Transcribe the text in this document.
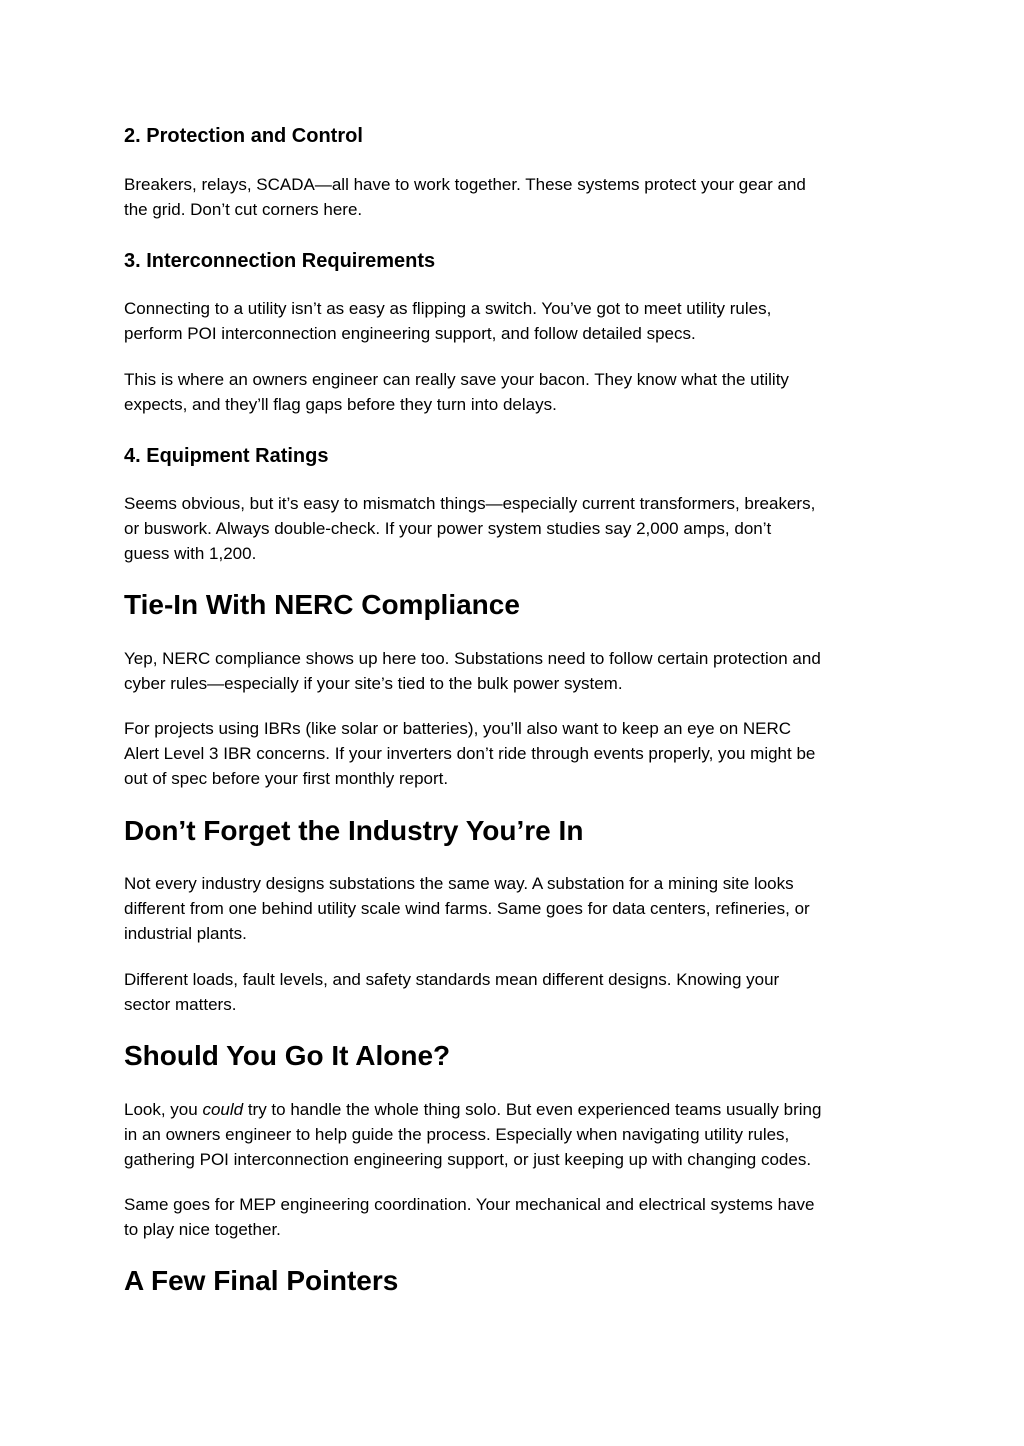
2. Protection and Control

Breakers, relays, SCADA—all have to work together. These systems protect your gear and
the grid. Don’t cut corners here.

3. Interconnection Requirements

Connecting to a utility isn’t as easy as flipping a switch. You’ve got to meet utility rules,
perform POI interconnection engineering support, and follow detailed specs.

This is where an owners engineer can really save your bacon. They know what the utility
expects, and they’ll flag gaps before they turn into delays.

4. Equipment Ratings

Seems obvious, but it’s easy to mismatch things—especially current transformers, breakers,
or buswork. Always double-check. If your power system studies say 2,000 amps, don’t
guess with 1,200.

Tie-In With NERC Compliance

Yep, NERC compliance shows up here too. Substations need to follow certain protection and
cyber rules—especially if your site’s tied to the bulk power system.

For projects using IBRs (like solar or batteries), you’ll also want to keep an eye on NERC
Alert Level 3 IBR concerns. If your inverters don’t ride through events properly, you might be
out of spec before your first monthly report.

Don’t Forget the Industry You’re In

Not every industry designs substations the same way. A substation for a mining site looks
different from one behind utility scale wind farms. Same goes for data centers, refineries, or
industrial plants.

Different loads, fault levels, and safety standards mean different designs. Knowing your
sector matters.

Should You Go It Alone?

Look, you could try to handle the whole thing solo. But even experienced teams usually bring
in an owners engineer to help guide the process. Especially when navigating utility rules,
gathering POI interconnection engineering support, or just keeping up with changing codes.

Same goes for MEP engineering coordination. Your mechanical and electrical systems have
to play nice together.

A Few Final Pointers
